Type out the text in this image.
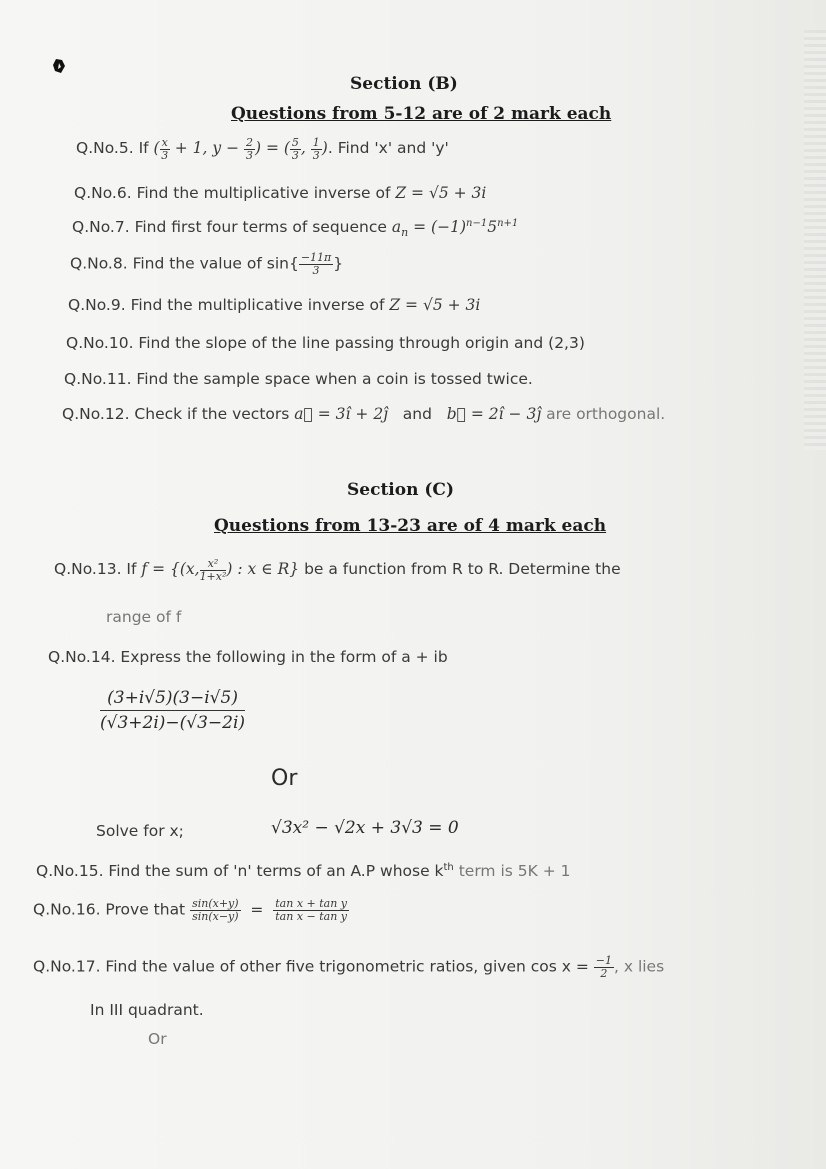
Section (B)
Questions from 5-12 are of 2 mark each
Q.No.5. If ( $\frac{x}{3} + 1$, $y - \frac{2}{3}$ ) = ( $\frac{5}{3}$ , $\frac{1}{3}$ ). Find 'x' and 'y'
Q.No.6. Find the multiplicative inverse of Z = √5 + 3i
Q.No.7. Find first four terms of sequence $a_n = (-1)^{n-1}5^{n+1}$
Q.No.8. Find the value of $\sin\{ \frac{-11\pi}{3}$ }
Q.No.9. Find the multiplicative inverse of Z = √5 + 3i
Q.No.10. Find the slope of the line passing through origin and (2,3)
Q.No.11. Find the sample space when a coin is tossed twice.
Q.No.12. Check if the vectors a⃗ = 3î + 2ĵ and b⃗ = 2î − 3ĵ are orthogonal.
Section (C)
Questions from 13-23 are of 4 mark each
Q.No.13. If f = {(x, $\frac{\text{x²}}{\text{1+x²}}$ ) : x ∈ R} be a function from R to R. Determine the
range of f
Q.No.14. Express the following in the form of a + ib
$\frac{(3+i√5)(3-i√5)}{(√3+2i)-(√3-2i)}$
Or
Solve for x;	√3x² − √2x + 3√3 = 0
Q.No.15. Find the sum of 'n' terms of an A.P whose $k^{th}$ term is 5K + 1
Q.No.16. Prove that $\frac{\sin(x+y)}{\sin(x-y)} = \frac{\text{tan x + tan y}}{\text{tan x − tan y}}$
Q.No.17. Find the value of other five trigonometric ratios, given $\cos x = \frac{-1}{2}$ , x lies
In III quadrant.
Or
